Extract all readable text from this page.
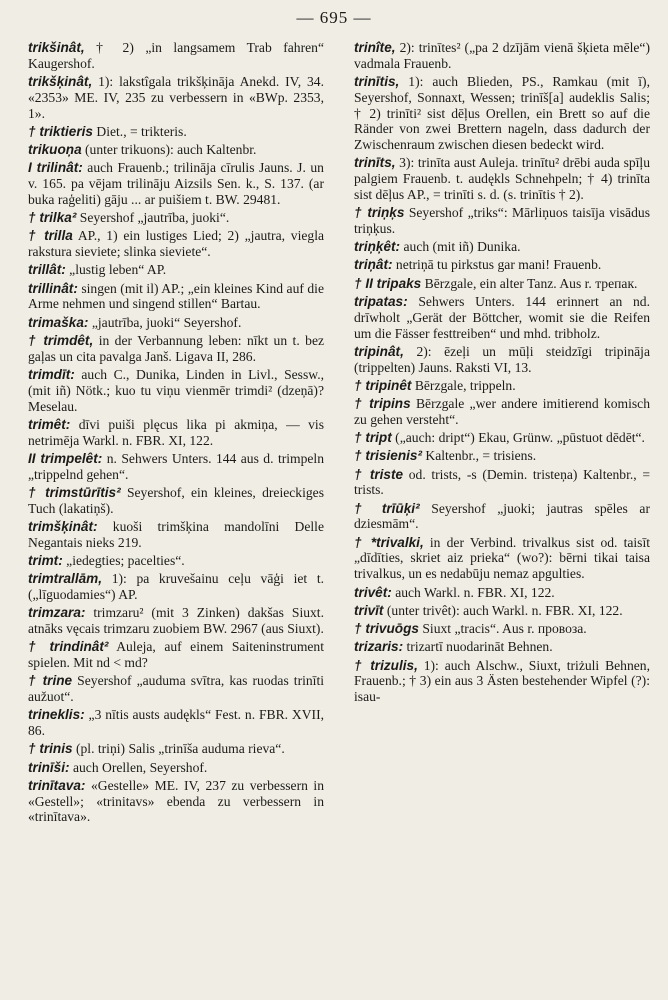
— 695 —

trikšinât, † 2) „in langsamem Trab fahren“ Kaugershof.

trikšķinât, 1): lakstîgala trikšķināja Anekd. IV, 34. «2353» ME. IV, 235 zu verbessern in «BWp. 2353, 1».

† triktieris Diet., = trikteris.

trikuoņa (unter trikuons): auch Kaltenbr.

I trilinât: auch Frauenb.; trilināja cīrulis Jauns. J. un v. 165. pa vējam trilināju Aizsils Sen. k., S. 137. (ar buka raģeliti) gāju ... ar puišiem t. BW. 29481.

† trilka² Seyershof „jautrība, juoki“.

† trilla AP., 1) ein lustiges Lied; 2) „jautra, viegla rakstura sieviete; slinka sieviete“.

trillât: „lustig leben“ AP.

trillinât: singen (mit il) AP.; „ein kleines Kind auf die Arme nehmen und singend stillen“ Bartau.

trimaška: „jautrība, juoki“ Seyershof.

† trimdêt, in der Verbannung leben: nīkt un t. bez gaļas un cita pavalga Janš. Ligava II, 286.

trimdīt: auch C., Dunika, Linden in Livl., Sessw., (mit iñ) Nötk.; kuo tu viņu vienmēr trimdi² (dzeņā)? Meselau.

trimêt: dīvi puiši plęcus lika pi akmiņa, — vis netrimēja Warkl. n. FBR. XI, 122.

II trimpelêt: n. Sehwers Unters. 144 aus d. trimpeln „trippelnd gehen“.

† trimstūrītis² Seyershof, ein kleines, dreieckiges Tuch (lakatiņš).

trimšķinât: kuoši trimšķina mandolīni Delle Negantais nieks 219.

trimt: „iedegties; pacelties“.

trimtrallām, 1): pa kruvešainu ceļu vāģi iet t. („līguodamies“) AP.

trimzara: trimzaru² (mit 3 Zinken) dakšas Siuxt. atnāks vęcais trimzaru zuobiem BW. 2967 (aus Siuxt).

† trindinât² Auleja, auf einem Saiteninstrument spielen. Mit nd < md?

† trine Seyershof „auduma svītra, kas ruodas trinīti aužuot“.

trineklis: „3 nītis austs audękls“ Fest. n. FBR. XVII, 86.

† trinis (pl. triņi) Salis „trinīša auduma rieva“.

trinīši: auch Orellen, Seyershof.

trinītava: «Gestelle» ME. IV, 237 zu verbessern in «Gestell»; «trinitavs» ebenda zu verbessern in «trinītava».

trinîte, 2): trinītes² („pa 2 dzījām vienā šķieta mēle“) vadmala Frauenb.

trinītis, 1): auch Blieden, PS., Ramkau (mit ī), Seyershof, Sonnaxt, Wessen; trinīš[a] audeklis Salis; † 2) trinīti² sist dēļus Orellen, ein Brett so auf die Ränder von zwei Brettern nageln, dass dadurch der Zwischenraum zwischen diesen bedeckt wird.

trinīts, 3): trinīta aust Auleja. trinītu² drēbi auda spīļu palgiem Frauenb. t. audękls Schnehpeln; † 4) trinīta sist dēļus AP., = trinīti s. d. (s. trinītis † 2).

† triņķs Seyershof „triks“: Mārliņuos taisīja visādus triņķus.

triņķêt: auch (mit iñ) Dunika.

triņât: netriņā tu pirkstus gar mani! Frauenb.

† II tripaks Bērzgale, ein alter Tanz. Aus r. трепак.

tripatas: Sehwers Unters. 144 erinnert an nd. drīwholt „Gerät der Böttcher, womit sie die Reifen um die Fässer festtreiben“ und mhd. tribholz.

tripinât, 2): ēzeļi un mūļi steidzīgi tripināja (trippelten) Jauns. Raksti VI, 13.

† tripinêt Bērzgale, trippeln.

† tripins Bērzgale „wer andere imitierend komisch zu gehen versteht“.

† tript („auch: dript“) Ekau, Grünw. „pūstuot dēdēt“.

† trisienis² Kaltenbr., = trisiens.

† triste od. trists, -s (Demin. tristeņa) Kaltenbr., = trists.

† trīūķi² Seyershof „juoki; jautras spēles ar dziesmām“.

† *trivalki, in der Verbind. trivalkus sist od. taisīt „dīdīties, skriet aiz prieka“ (wo?): bērni tikai taisa trivalkus, un es nedabūju nemaz apgulties.

trivêt: auch Warkl. n. FBR. XI, 122.

trivīt (unter trivêt): auch Warkl. n. FBR. XI, 122.

† trivuōgs Siuxt „tracis“. Aus r. провоза.

trizaris: trizartī nuodarināt Behnen.

† trizulis, 1): auch Alschw., Siuxt, triżuli Behnen, Frauenb.; † 3) ein aus 3 Ästen bestehender Wipfel (?): isau-
